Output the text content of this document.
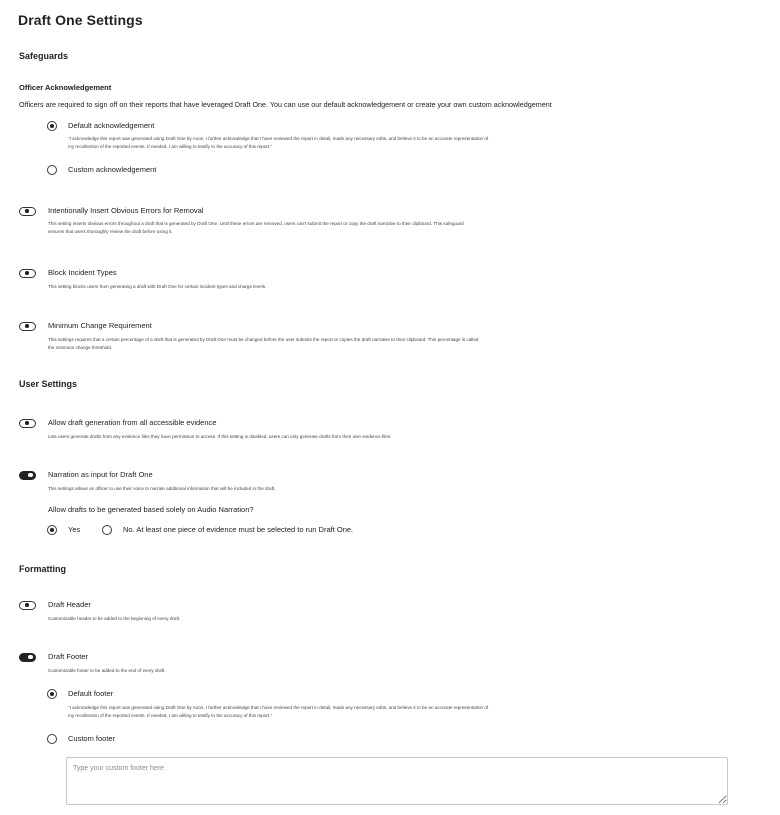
Draft One Settings
Safeguards
Officer Acknowledgement
Officers are required to sign off on their reports that have leveraged Draft One. You can use our default acknowledgement or create your own custom acknowledgement
Default acknowledgement
"I acknowledge this report was generated using Draft One by Axon. I further acknowledge that I have reviewed the report in detail, made any necessary edits, and believe it to be an accurate representation of
my recollection of the reported events. If needed, I am willing to testify to the accuracy of this report."
Custom acknowledgement
Intentionally Insert Obvious Errors for Removal
This setting inserts obvious errors throughout a draft that is generated by Draft One. Until these errors are removed, users can't submit the report or copy the draft narrative to their clipboard. This safeguard
ensures that users thoroughly review the draft before using it.
Block Incident Types
This setting blocks users from generating a draft with Draft One for certain incident types and charge levels.
Minimum Change Requirement
This settings requires that a certain percentage of a draft that is generated by Draft One must be changed before the user submits the report or copies the draft narrative to their clipboard. This percentage is called
the minimum change threshold.
User Settings
Allow draft generation from all accessible evidence
Lets users generate drafts from any evidence files they have permission to access. If this setting is disabled, users can only generate drafts from their own evidence files.
Narration as input for Draft One
This settings allows an officer to use their voice to narrate additional information that will be included in the draft.
Allow drafts to be generated based solely on Audio Narration?
Yes	No. At least one piece of evidence must be selected to run Draft One.
Formatting
Draft Header
Customizable header to be added to the beginning of every draft.
Draft Footer
Customizable footer to be added to the end of every draft.
Default footer
"I acknowledge this report was generated using Draft One by Axon. I further acknowledge that I have reviewed the report in detail, made any necessary edits, and believe it to be an accurate representation of
my recollection of the reported events. If needed, I am willing to testify to the accuracy of this report."
Custom footer
Type your custom footer here
